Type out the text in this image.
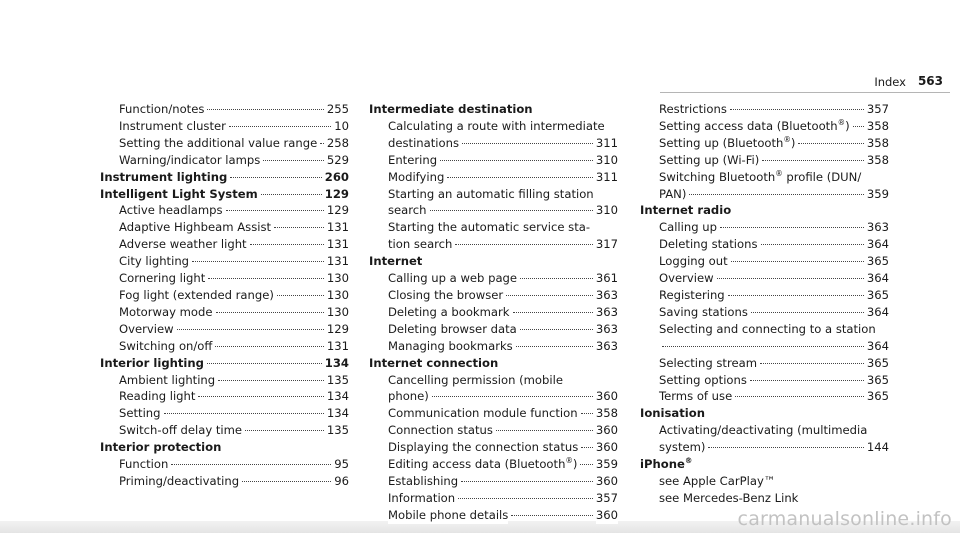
Index 563
Function/notes	255
Instrument cluster	10
Setting the additional value range 258
Warning/indicator lamps	529
Instrument lighting	260
Intelligent Light System	129
Active headlamps	129
Adaptive Highbeam Assist	131
Adverse weather light	131
City lighting	131
Cornering light	130
Fog light (extended range)	130
Motorway mode	130
Overview	129
Switching on/off	131
Interior lighting	134
Ambient lighting	135
Reading light	134
Setting	134
Switch-off delay time	135
Interior protection
Function	95
Priming/deactivating	96
Intermediate destination
Calculating a route with intermediate
destinations	311
Entering	310
Modifying	311
Starting an automatic filling station
search	310
Starting the automatic service sta-
tion search	317
Internet
Calling up a web page	361
Closing the browser	363
Deleting a bookmark	363
Deleting browser data	363
Managing bookmarks	363
Internet connection
Cancelling permission (mobile
phone)	360
Communication module function 358
Connection status	360
Displaying the connection status 360
Editing access data (Bluetooth®) 359
Establishing	360
Information	357
Mobile phone details	360
Restrictions	357
Setting access data (Bluetooth®) 358
Setting up (Bluetooth®)	358
Setting up (Wi-Fi)	358
Switching Bluetooth® profile (DUN/
PAN)	359
Internet radio
Calling up	363
Deleting stations	364
Logging out	365
Overview	364
Registering	365
Saving stations	364
Selecting and connecting to a station
364
Selecting stream	365
Setting options	365
Terms of use	365
Ionisation
Activating/deactivating (multimedia
system)	144
iPhone®
see Apple CarPlay™
see Mercedes-Benz Link
carmanualsonline.info
